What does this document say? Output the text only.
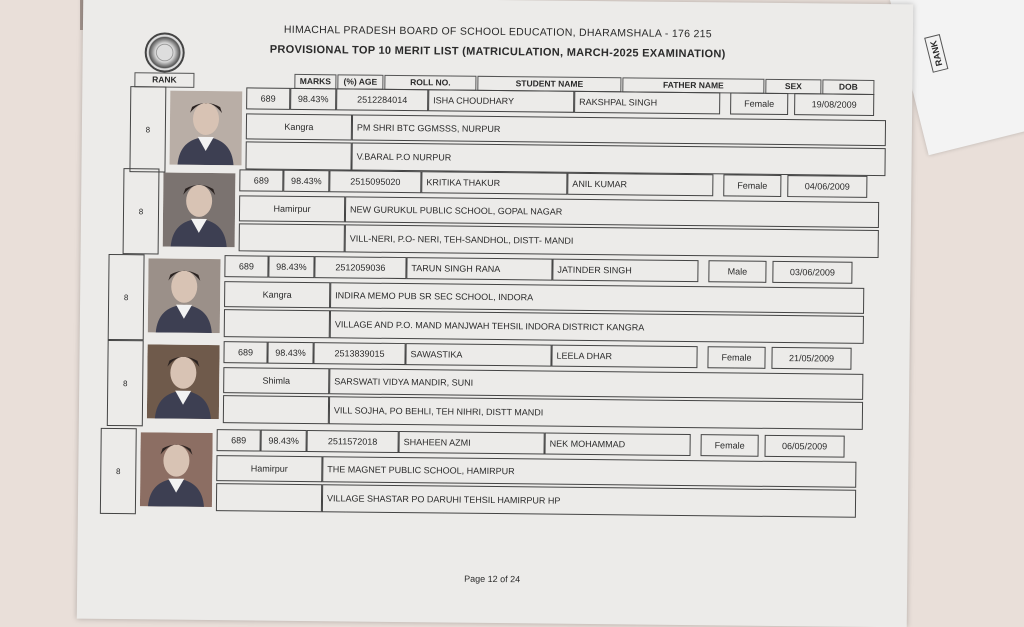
RANK
HIMACHAL PRADESH BOARD OF SCHOOL EDUCATION, DHARAMSHALA - 176 215
PROVISIONAL TOP 10 MERIT LIST (MATRICULATION, MARCH-2025 EXAMINATION)
RANK	MARKS	(%) AGE	ROLL NO.	STUDENT NAME	FATHER NAME	SEX	DOB
8
689	98.43%	2512284014	ISHA CHOUDHARY	RAKSHPAL SINGH	Female	19/08/2009
Kangra	PM SHRI BTC GGMSSS, NURPUR
V.BARAL P.O NURPUR
8
689	98.43%	2515095020	KRITIKA THAKUR	ANIL KUMAR	Female	04/06/2009
Hamirpur	NEW GURUKUL PUBLIC SCHOOL, GOPAL NAGAR
VILL-NERI, P.O- NERI, TEH-SANDHOL, DISTT- MANDI
8
689	98.43%	2512059036	TARUN SINGH RANA	JATINDER SINGH	Male	03/06/2009
Kangra	INDIRA MEMO PUB SR SEC SCHOOL, INDORA
VILLAGE AND P.O. MAND MANJWAH TEHSIL INDORA DISTRICT KANGRA
8
689	98.43%	2513839015	SAWASTIKA	LEELA DHAR	Female	21/05/2009
Shimla	SARSWATI VIDYA MANDIR, SUNI
VILL SOJHA, PO BEHLI, TEH NIHRI, DISTT MANDI
8
689	98.43%	2511572018	SHAHEEN AZMI	NEK MOHAMMAD	Female	06/05/2009
Hamirpur	THE MAGNET PUBLIC SCHOOL, HAMIRPUR
VILLAGE SHASTAR PO DARUHI TEHSIL HAMIRPUR HP
Page 12 of 24
